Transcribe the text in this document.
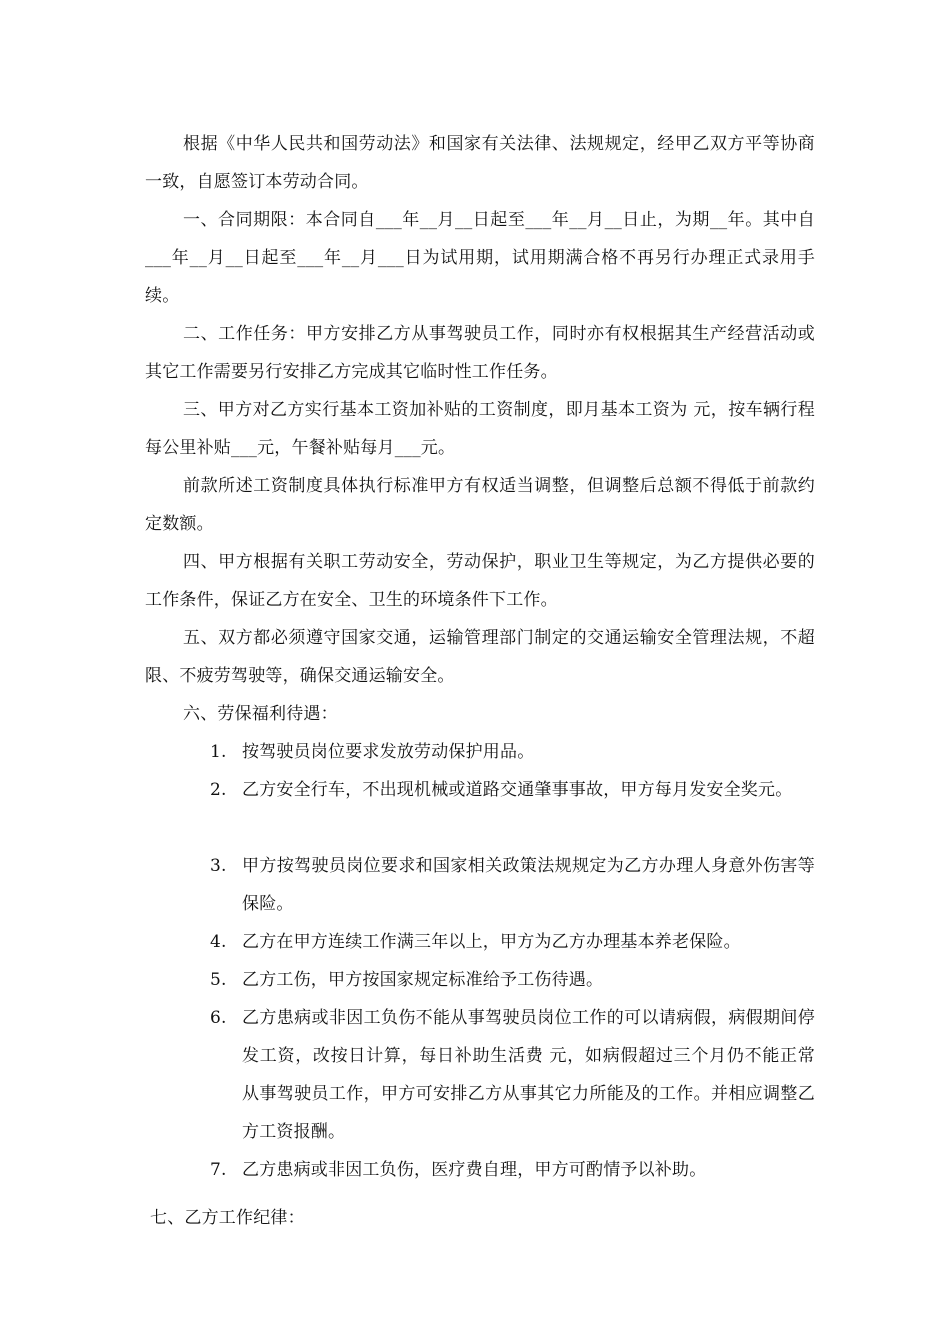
根据《中华人民共和国劳动法》和国家有关法律、法规规定，经甲乙双方平等协商一致，自愿签订本劳动合同。

一、合同期限：本合同自___年__月__日起至___年__月__日止，为期__年。其中自___年__月__日起至___年__月___日为试用期，试用期满合格不再另行办理正式录用手续。

二、工作任务：甲方安排乙方从事驾驶员工作，同时亦有权根据其生产经营活动或其它工作需要另行安排乙方完成其它临时性工作任务。

三、甲方对乙方实行基本工资加补贴的工资制度，即月基本工资为 元，按车辆行程每公里补贴___元，午餐补贴每月___元。

前款所述工资制度具体执行标准甲方有权适当调整，但调整后总额不得低于前款约定数额。

四、甲方根据有关职工劳动安全，劳动保护，职业卫生等规定，为乙方提供必要的工作条件，保证乙方在安全、卫生的环境条件下工作。

五、双方都必须遵守国家交通，运输管理部门制定的交通运输安全管理法规，不超限、不疲劳驾驶等，确保交通运输安全。

六、劳保福利待遇：

1. 按驾驶员岗位要求发放劳动保护用品。
2. 乙方安全行车，不出现机械或道路交通肇事事故，甲方每月发安全奖元。
3. 甲方按驾驶员岗位要求和国家相关政策法规规定为乙方办理人身意外伤害等保险。
4. 乙方在甲方连续工作满三年以上，甲方为乙方办理基本养老保险。
5. 乙方工伤，甲方按国家规定标准给予工伤待遇。
6. 乙方患病或非因工负伤不能从事驾驶员岗位工作的可以请病假，病假期间停发工资，改按日计算，每日补助生活费 元，如病假超过三个月仍不能正常从事驾驶员工作，甲方可安排乙方从事其它力所能及的工作。并相应调整乙方工资报酬。
7. 乙方患病或非因工负伤，医疗费自理，甲方可酌情予以补助。
七、乙方工作纪律：
